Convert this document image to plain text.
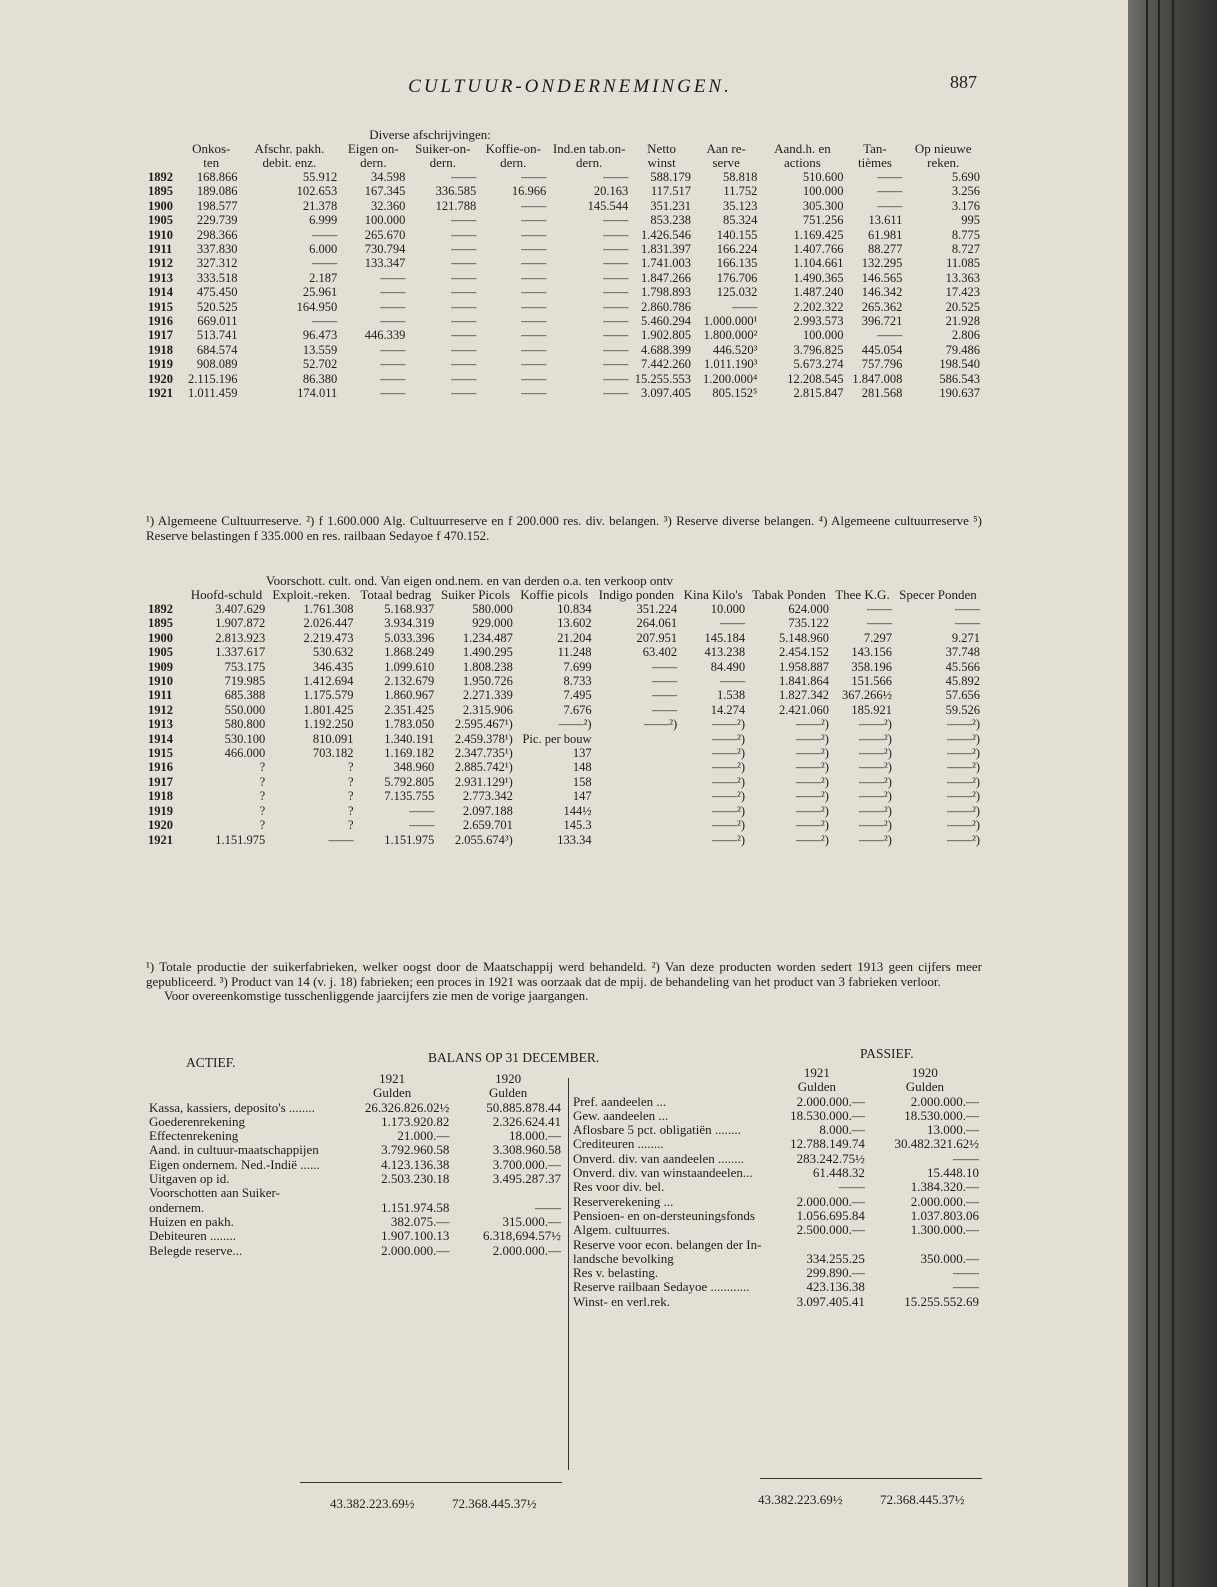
CULTUUR-ONDERNEMINGEN.	887
			Diverse afschrijvingen:								
	Onkos-ten	Afschr. pakh. debit. enz.	Eigen on-dern.	Suiker-on-dern.	Koffie-on-dern.	Ind.en tab.on-dern.	Netto winst	Aan re-serve	Aand.h. en actions	Tan-tièmes	Op nieuwe reken.
1892	168.866	55.912	34.598	——	——	——	588.179	58.818	510.600	——	5.690
1895	189.086	102.653	167.345	336.585	16.966	20.163	117.517	11.752	100.000	——	3.256
1900	198.577	21.378	32.360	121.788	——	145.544	351.231	35.123	305.300	——	3.176
1905	229.739	6.999	100.000	——	——	——	853.238	85.324	751.256	13.611	995
1910	298.366	——	265.670	——	——	——	1.426.546	140.155	1.169.425	61.981	8.775
1911	337.830	6.000	730.794	——	——	——	1.831.397	166.224	1.407.766	88.277	8.727
1912	327.312	——	133.347	——	——	——	1.741.003	166.135	1.104.661	132.295	11.085
1913	333.518	2.187	——	——	——	——	1.847.266	176.706	1.490.365	146.565	13.363
1914	475.450	25.961	——	——	——	——	1.798.893	125.032	1.487.240	146.342	17.423
1915	520.525	164.950	——	——	——	——	2.860.786	——	2.202.322	265.362	20.525
1916	669.011	——	——	——	——	——	5.460.294	1.000.000¹	2.993.573	396.721	21.928
1917	513.741	96.473	446.339	——	——	——	1.902.805	1.800.000²	100.000	——	2.806
1918	684.574	13.559	——	——	——	——	4.688.399	446.520³	3.796.825	445.054	79.486
1919	908.089	52.702	——	——	——	——	7.442.260	1.011.190³	5.673.274	757.796	198.540
1920	2.115.196	86.380	——	——	——	——	15.255.553	1.200.000⁴	12.208.545	1.847.008	586.543
1921	1.011.459	174.011	——	——	——	——	3.097.405	805.152⁵	2.815.847	281.568	190.637

¹) Algemeene Cultuurreserve. ²) f 1.600.000 Alg. Cultuurreserve en f 200.000 res. div. belangen. ³) Reserve diverse belangen. ⁴) Algemeene cultuurreserve ⁵) Reserve belastingen f 335.000 en res. railbaan Sedayoe f 470.152.

	Voorschott. cult. ond. Van eigen ond.nem. en van derden o.a. ten verkoop ontv									
	Hoofd-schuld	Exploit.-reken.	Totaal bedrag	Suiker Picols	Koffie picols	Indigo ponden	Kina Kilo's	Tabak Ponden	Thee K.G.	Specer Ponden
1892	3.407.629	1.761.308	5.168.937	580.000	10.834	351.224	10.000	624.000	——	——
1895	1.907.872	2.026.447	3.934.319	929.000	13.602	264.061	——	735.122	——	——
1900	2.813.923	2.219.473	5.033.396	1.234.487	21.204	207.951	145.184	5.148.960	7.297	9.271
1905	1.337.617	530.632	1.868.249	1.490.295	11.248	63.402	413.238	2.454.152	143.156	37.748
1909	753.175	346.435	1.099.610	1.808.238	7.699	——	84.490	1.958.887	358.196	45.566
1910	719.985	1.412.694	2.132.679	1.950.726	8.733	——	——	1.841.864	151.566	45.892
1911	685.388	1.175.579	1.860.967	2.271.339	7.495	——	1.538	1.827.342	367.266½	57.656
1912	550.000	1.801.425	2.351.425	2.315.906	7.676	——	14.274	2.421.060	185.921	59.526
1913	580.800	1.192.250	1.783.050	2.595.467¹)	——²)	——²)	——²)	——²)	——²)	——²)
1914	530.100	810.091	1.340.191	2.459.378¹)	Pic. per bouw		——²)	——²)	——²)	——²)
1915	466.000	703.182	1.169.182	2.347.735¹)	137		——²)	——²)	——²)	——²)
1916	?	?	348.960	2.885.742¹)	148		——²)	——²)	——²)	——²)
1917	?	?	5.792.805	2.931.129¹)	158		——²)	——²)	——²)	——²)
1918	?	?	7.135.755	2.773.342	147		——²)	——²)	——²)	——²)
1919	?	?	——	2.097.188	144½		——²)	——²)	——²)	——²)
1920	?	?	——	2.659.701	145.3		——²)	——²)	——²)	——²)
1921	1.151.975	——	1.151.975	2.055.674³)	133.34		——²)	——²)	——²)	——²)

¹) Totale productie der suikerfabrieken, welker oogst door de Maatschappij werd behandeld. ²) Van deze producten worden sedert 1913 geen cijfers meer gepubliceerd. ³) Product van 14 (v. j. 18) fabrieken; een proces in 1921 was oorzaak dat de mpij. de behandeling van het product van 3 fabrieken verloor.

Voor overeenkomstige tusschenliggende jaarcijfers zie men de vorige jaargangen.

ACTIEF.	BALANS OP 31 DECEMBER.	PASSIEF.
	1921
Gulden	1920
Gulden
Kassa, kassiers, deposito's ........	26.326.826.02½	50.885.878.44
Goederenrekening	1.173.920.82	2.326.624.41
Effectenrekening	21.000.—	18.000.—
Aand. in cultuur-maatschappijen	3.792.960.58	3.308.960.58
Eigen ondernem. Ned.-Indië ......	4.123.136.38	3.700.000.—
Uitgaven op id.	2.503.230.18	3.495.287.37
Voorschotten aan Suiker-ondernem.	1.151.974.58	——
Huizen en pakh.	382.075.—	315.000.—
Debiteuren ........	1.907.100.13	6.318,694.57½
Belegde reserve...	2.000.000.—	2.000.000.—
	1921
Gulden	1920
Gulden
Pref. aandeelen ...	2.000.000.—	2.000.000.—
Gew. aandeelen ...	18.530.000.—	18.530.000.—
Aflosbare 5 pct. obligatiën ........	8.000.—	13.000.—
Crediteuren ........	12.788.149.74	30.482.321.62½
Onverd. div. van aandeelen ........	283.242.75½	——
Onverd. div. van winstaandeelen...	61.448.32	15.448.10
Res voor div. bel.	——	1.384.320.—
Reserverekening ...	2.000.000.—	2.000.000.—
Pensioen- en on-dersteuningsfonds	1.056.695.84	1.037.803.06
Algem. cultuurres.	2.500.000.—	1.300.000.—
Reserve voor econ. belangen der In-landsche bevolking	334.255.25	350.000.—
Res v. belasting.	299.890.—	——
Reserve railbaan Sedayoe ............	423.136.38	——
Winst- en verl.rek.	3.097.405.41	15.255.552.69
43.382.223.69½	72.368.445.37½	43.382.223.69½	72.368.445.37½
